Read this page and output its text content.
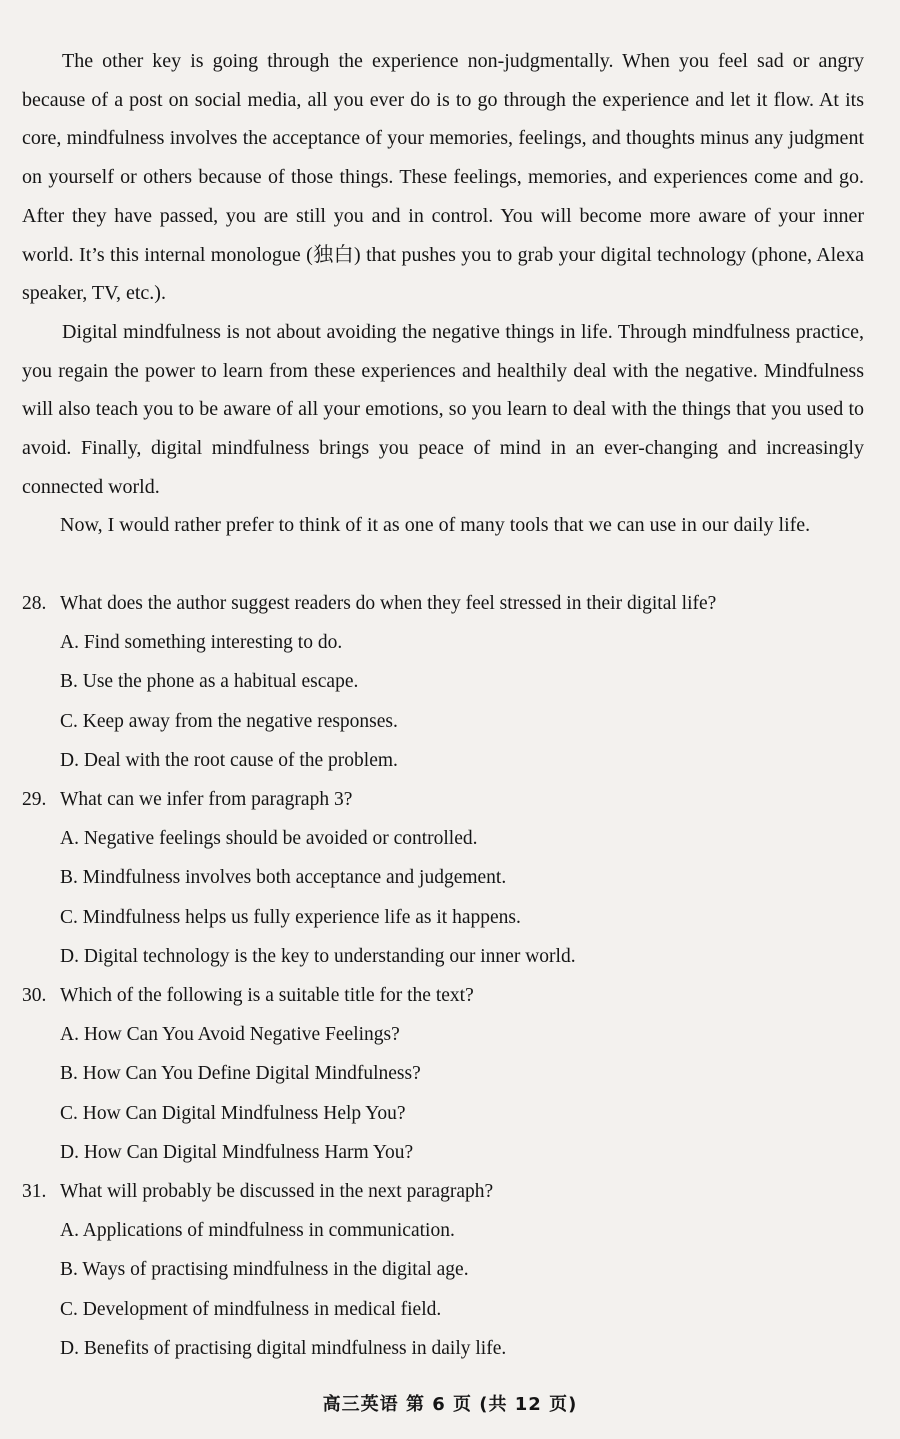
The other key is going through the experience non-judgmentally. When you feel sad or angry because of a post on social media, all you ever do is to go through the experience and let it flow. At its core, mindfulness involves the acceptance of your memories, feelings, and thoughts minus any judgment on yourself or others because of those things. These feelings, memories, and experiences come and go. After they have passed, you are still you and in control. You will become more aware of your inner world. It’s this internal monologue (独白) that pushes you to grab your digital technology (phone, Alexa speaker, TV, etc.).

Digital mindfulness is not about avoiding the negative things in life. Through mindfulness practice, you regain the power to learn from these experiences and healthily deal with the negative. Mindfulness will also teach you to be aware of all your emotions, so you learn to deal with the things that you used to avoid. Finally, digital mindfulness brings you peace of mind in an ever-changing and increasingly connected world.

Now, I would rather prefer to think of it as one of many tools that we can use in our daily life.

28. What does the author suggest readers do when they feel stressed in their digital life?
A. Find something interesting to do.
B. Use the phone as a habitual escape.
C. Keep away from the negative responses.
D. Deal with the root cause of the problem.
29. What can we infer from paragraph 3?
A. Negative feelings should be avoided or controlled.
B. Mindfulness involves both acceptance and judgement.
C. Mindfulness helps us fully experience life as it happens.
D. Digital technology is the key to understanding our inner world.
30. Which of the following is a suitable title for the text?
A. How Can You Avoid Negative Feelings?
B. How Can You Define Digital Mindfulness?
C. How Can Digital Mindfulness Help You?
D. How Can Digital Mindfulness Harm You?
31. What will probably be discussed in the next paragraph?
A. Applications of mindfulness in communication.
B. Ways of practising mindfulness in the digital age.
C. Development of mindfulness in medical field.
D. Benefits of practising digital mindfulness in daily life.
高三英语 第 6 页 (共 12 页)
